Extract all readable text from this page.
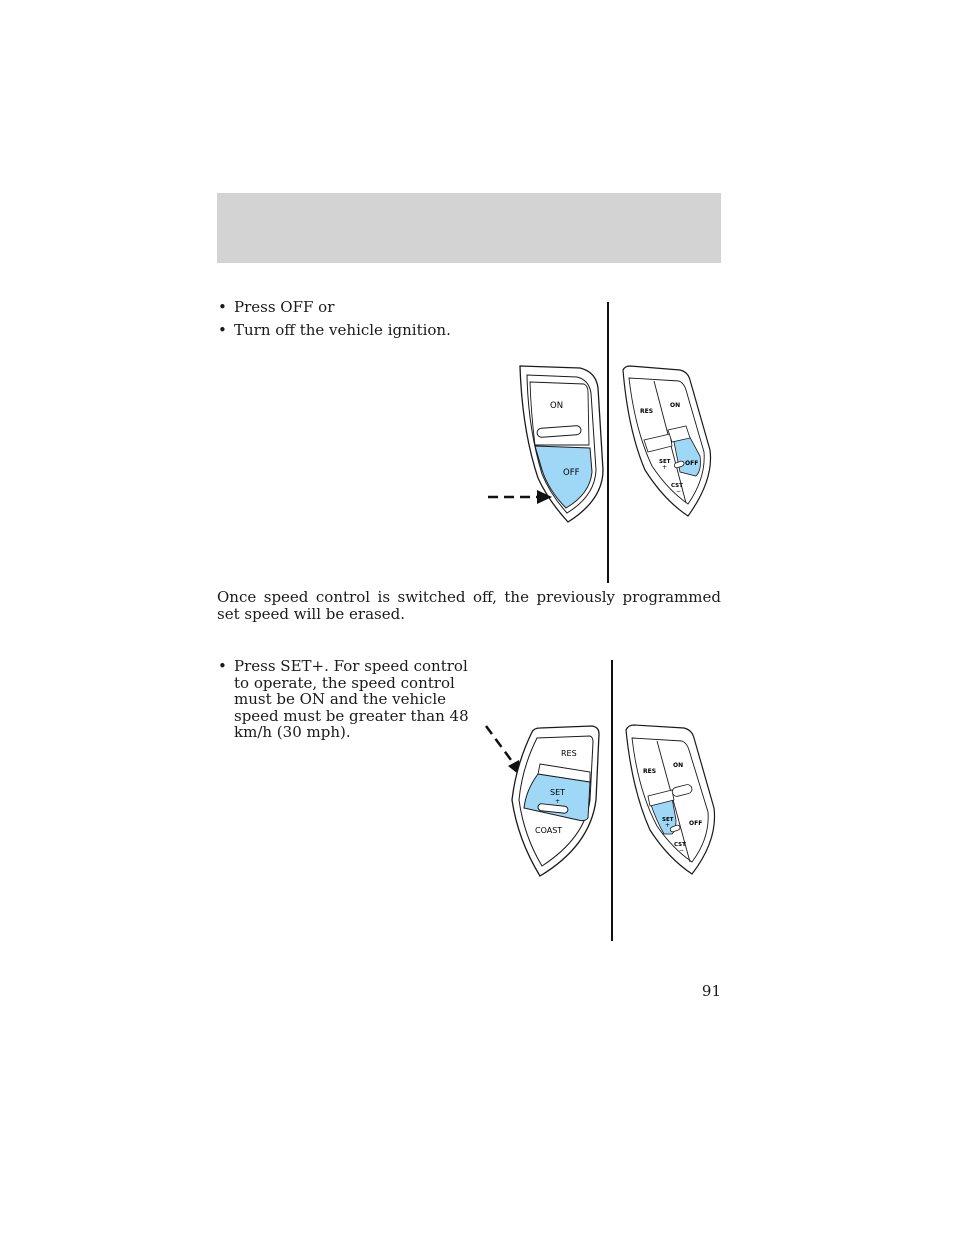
• Press OFF or
• Turn off the vehicle ignition.
ON
OFF
RES
ON
SET
+
OFF
CST
−

Once speed control is switched off, the previously programmed set speed will be erased.

• Press SET+. For speed control to operate, the speed control must be ON and the vehicle speed must be greater than 48 km/h (30 mph).
RES
SET
+
COAST
RES
ON
SET
+	OFF
CST
−
91
